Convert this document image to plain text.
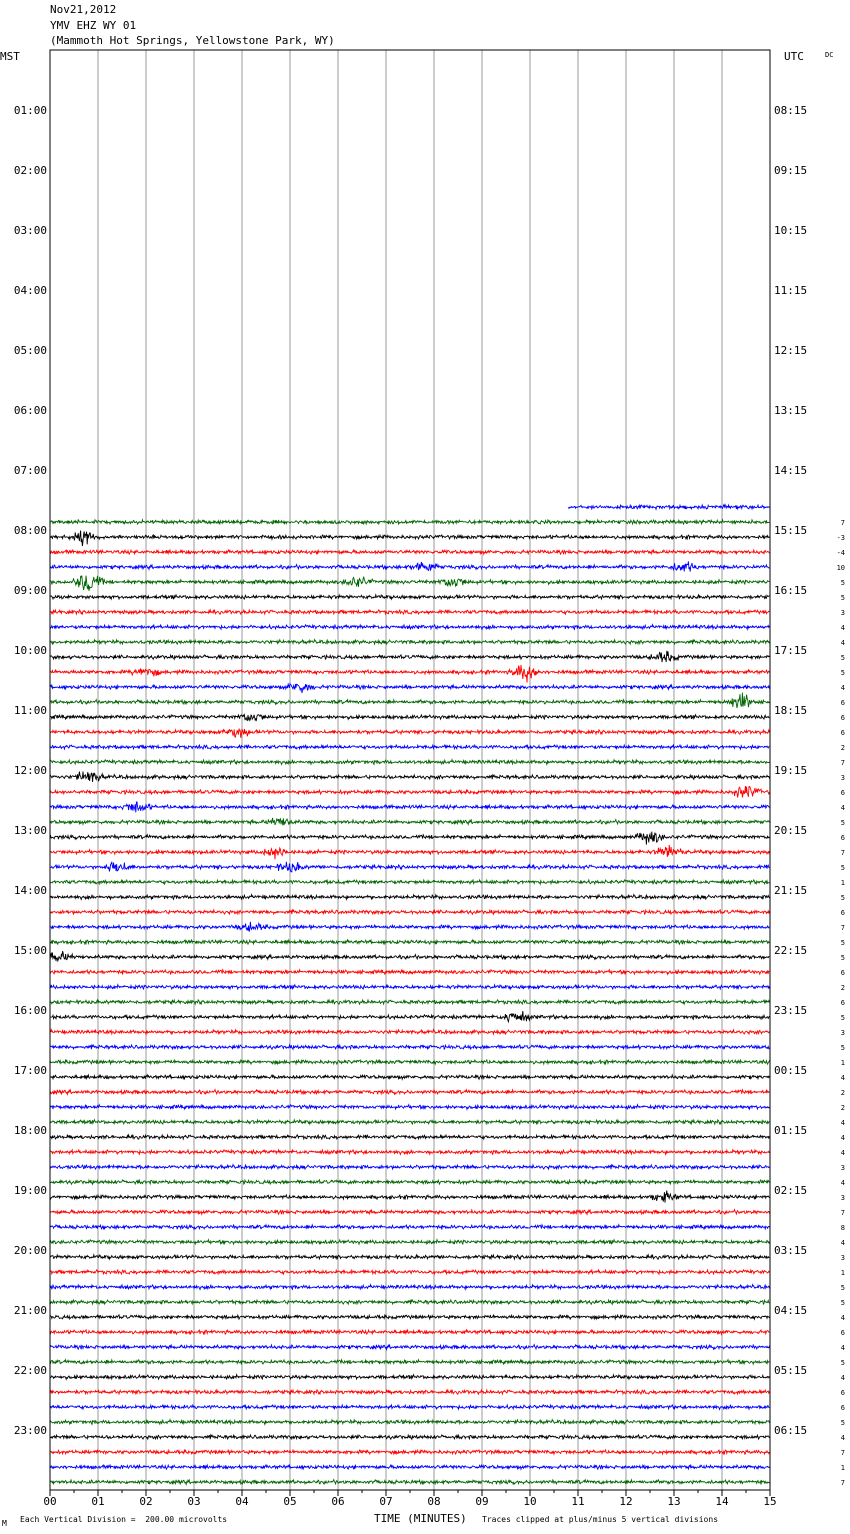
Nov21,2012
YMV EHZ WY 01
(Mammoth Hot Springs, Yellowstone Park, WY)
00	01	02	03	04	05	06	07	08	09	10	11	12	13	14	15
MST	UTC	DC
01:00
02:00
03:00
04:00
05:00
06:00
07:00
08:00
09:00
10:00
11:00
12:00
13:00
14:00
15:00
16:00
17:00
18:00
19:00
20:00
21:00
22:00
23:00
08:15
09:15
10:15
11:15
12:15
13:15
14:15
15:15
16:15
17:15
18:15
19:15
20:15
21:15
22:15
23:15
00:15
01:15
02:15
03:15
04:15
05:15
06:15
7
-3
-4
10
5
5
3
4
4
5
5
4
6
6
6
2
7
3
6
4
5
6
7
5
1
5
6
7
5
5
6
2
6
5
3
5
1
4
2
2
4
4
4
3
4
3
7
8
4
3
1
5
5
4
6
4
5
4
6
6
5
4
7
1
7
M Each Vertical Division =  200.00 microvolts	TIME (MINUTES) Traces clipped at plus/minus 5 vertical divisions
